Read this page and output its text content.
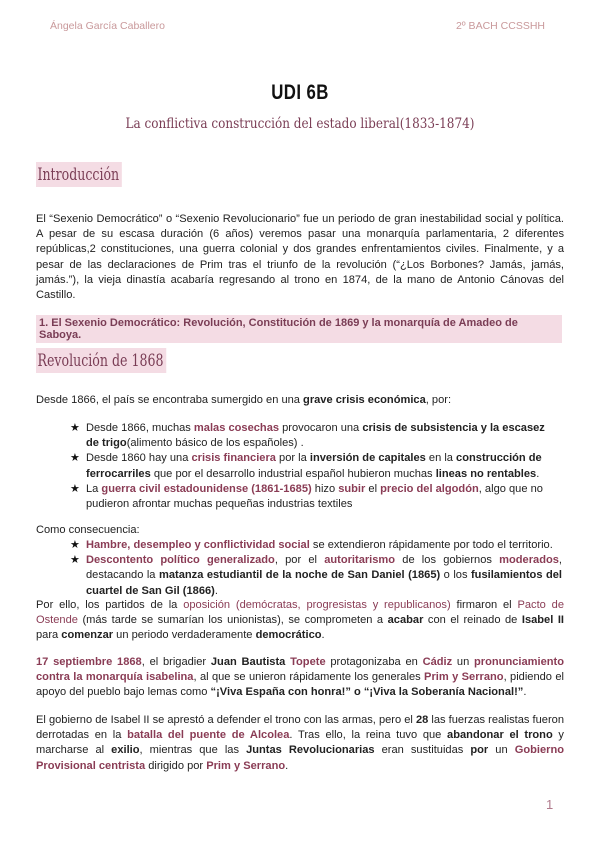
Ángela García Caballero	2º BACH CCSSHH
UDI 6B
La conflictiva construcción del estado liberal(1833-1874)
Introducción
El “Sexenio Democrático” o “Sexenio Revolucionario” fue un periodo de gran inestabilidad social y política. A pesar de su escasa duración (6 años) veremos pasar una monarquía parlamentaria, 2 diferentes repúblicas,2 constituciones, una guerra colonial y dos grandes enfrentamientos civiles. Finalmente, y a pesar de las declaraciones de Prim tras el triunfo de la revolución (“¿Los Borbones? Jamás, jamás, jamás.”), la vieja dinastía acabaría regresando al trono en 1874, de la mano de Antonio Cánovas del Castillo.
1. El Sexenio Democrático: Revolución, Constitución de 1869 y la monarquía de Amadeo de Saboya.
Revolución de 1868
Desde 1866, el país se encontraba sumergido en una grave crisis económica, por:
★ Desde 1866, muchas malas cosechas provocaron una crisis de subsistencia y la escasez de trigo(alimento básico de los españoles) .
★ Desde 1860 hay una crisis financiera por la inversión de capitales en la construcción de ferrocarriles que por el desarrollo industrial español hubieron muchas lineas no rentables.
★ La guerra civil estadounidense (1861-1685) hizo subir el precio del algodón, algo que no pudieron afrontar muchas pequeñas industrias textiles
Como consecuencia:
★ Hambre, desempleo y conflictividad social se extendieron rápidamente por todo el territorio.
★ Descontento político generalizado, por el autoritarismo de los gobiernos moderados, destacando la matanza estudiantil de la noche de San Daniel (1865) o los fusilamientos del cuartel de San Gil (1866).
Por ello, los partidos de la oposición (demócratas, progresistas y republicanos) firmaron el Pacto de Ostende (más tarde se sumarían los unionistas), se comprometen a acabar con el reinado de Isabel II para comenzar un periodo verdaderamente democrático.
17 septiembre 1868, el brigadier Juan Bautista Topete protagonizaba en Cádiz un pronunciamiento contra la monarquía isabelina, al que se unieron rápidamente los generales Prim y Serrano, pidiendo el apoyo del pueblo bajo lemas como “¡Viva España con honra!” o “¡Viva la Soberanía Nacional!”.
El gobierno de Isabel II se aprestó a defender el trono con las armas, pero el 28 las fuerzas realistas fueron derrotadas en la batalla del puente de Alcolea. Tras ello, la reina tuvo que abandonar el trono y marcharse al exilio, mientras que las Juntas Revolucionarias eran sustituidas por un Gobierno Provisional centrista dirigido por Prim y Serrano.
1
